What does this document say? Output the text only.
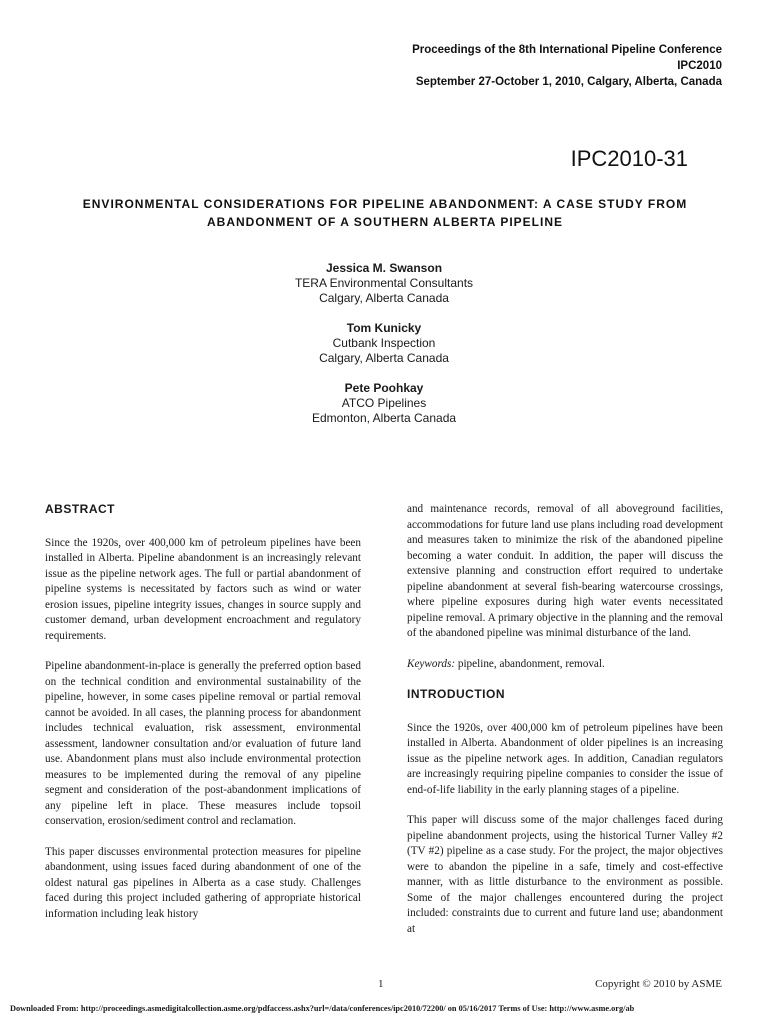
Proceedings of the 8th International Pipeline Conference
IPC2010
September 27-October 1, 2010, Calgary, Alberta, Canada
IPC2010-31
ENVIRONMENTAL CONSIDERATIONS FOR PIPELINE ABANDONMENT: A CASE STUDY FROM
ABANDONMENT OF A SOUTHERN ALBERTA PIPELINE
Jessica M. Swanson
TERA Environmental Consultants
Calgary, Alberta Canada
Tom Kunicky
Cutbank Inspection
Calgary, Alberta Canada
Pete Poohkay
ATCO Pipelines
Edmonton, Alberta Canada
ABSTRACT

Since the 1920s, over 400,000 km of petroleum pipelines have been installed in Alberta. Pipeline abandonment is an increasingly relevant issue as the pipeline network ages. The full or partial abandonment of pipeline systems is necessitated by factors such as wind or water erosion issues, pipeline integrity issues, changes in source supply and customer demand, urban development encroachment and regulatory requirements.

Pipeline abandonment-in-place is generally the preferred option based on the technical condition and environmental sustainability of the pipeline, however, in some cases pipeline removal or partial removal cannot be avoided. In all cases, the planning process for abandonment includes technical evaluation, risk assessment, environmental assessment, landowner consultation and/or evaluation of future land use. Abandonment plans must also include environmental protection measures to be implemented during the removal of any pipeline segment and consideration of the post-abandonment implications of any pipeline left in place. These measures include topsoil conservation, erosion/sediment control and reclamation.

This paper discusses environmental protection measures for pipeline abandonment, using issues faced during abandonment of one of the oldest natural gas pipelines in Alberta as a case study. Challenges faced during this project included gathering of appropriate historical information including leak history

and maintenance records, removal of all aboveground facilities, accommodations for future land use plans including road development and measures taken to minimize the risk of the abandoned pipeline becoming a water conduit. In addition, the paper will discuss the extensive planning and construction effort required to undertake pipeline abandonment at several fish-bearing watercourse crossings, where pipeline exposures during high water events necessitated pipeline removal. A primary objective in the planning and the removal of the abandoned pipeline was minimal disturbance of the land.

Keywords: pipeline, abandonment, removal.

INTRODUCTION

Since the 1920s, over 400,000 km of petroleum pipelines have been installed in Alberta. Abandonment of older pipelines is an increasing issue as the pipeline network ages. In addition, Canadian regulators are increasingly requiring pipeline companies to consider the issue of end-of-life liability in the early planning stages of a pipeline.

This paper will discuss some of the major challenges faced during pipeline abandonment projects, using the historical Turner Valley #2 (TV #2) pipeline as a case study. For the project, the major objectives were to abandon the pipeline in a safe, timely and cost-effective manner, with as little disturbance to the environment as possible. Some of the major challenges encountered during the project included: constraints due to current and future land use; abandonment at

1	Copyright © 2010 by ASME
Downloaded From: http://proceedings.asmedigitalcollection.asme.org/pdfaccess.ashx?url=/data/conferences/ipc2010/72200/ on 05/16/2017 Terms of Use: http://www.asme.org/ab
